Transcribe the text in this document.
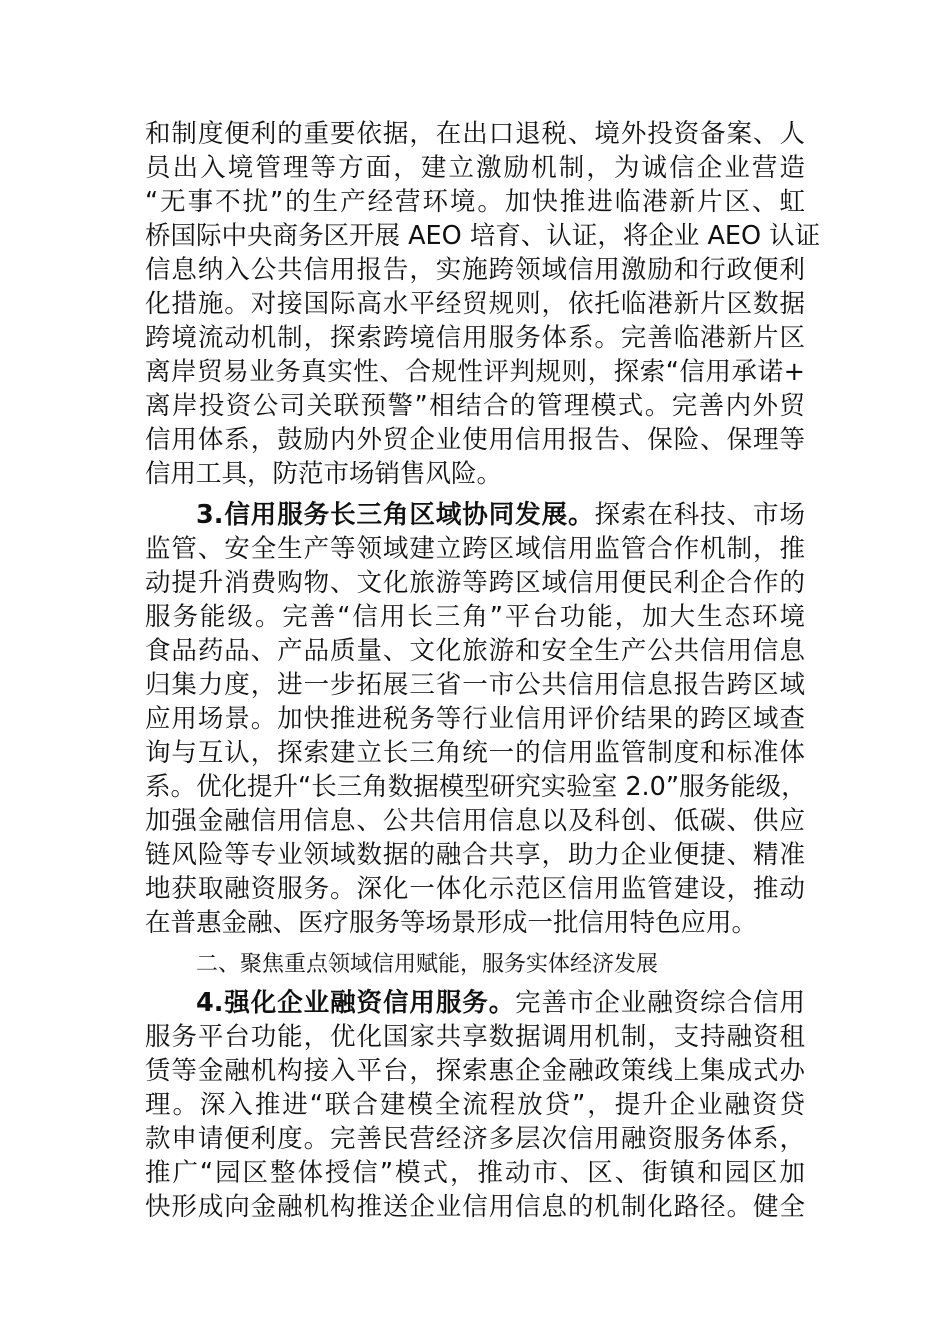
和制度便利的重要依据，在出口退税、境外投资备案、人
员出入境管理等方面，建立激励机制，为诚信企业营造
“无事不扰”的生产经营环境。加快推进临港新片区、虹
桥国际中央商务区开展 AEO 培育、认证，将企业 AEO 认证
信息纳入公共信用报告，实施跨领域信用激励和行政便利
化措施。对接国际高水平经贸规则，依托临港新片区数据
跨境流动机制，探索跨境信用服务体系。完善临港新片区
离岸贸易业务真实性、合规性评判规则，探索“信用承诺+
离岸投资公司关联预警”相结合的管理模式。完善内外贸
信用体系，鼓励内外贸企业使用信用报告、保险、保理等
信用工具，防范市场销售风险。
3.信用服务长三角区域协同发展。探索在科技、市场
监管、安全生产等领域建立跨区域信用监管合作机制，推
动提升消费购物、文化旅游等跨区域信用便民利企合作的
服务能级。完善“信用长三角”平台功能，加大生态环境
食品药品、产品质量、文化旅游和安全生产公共信用信息
归集力度，进一步拓展三省一市公共信用信息报告跨区域
应用场景。加快推进税务等行业信用评价结果的跨区域查
询与互认，探索建立长三角统一的信用监管制度和标准体
系。优化提升“长三角数据模型研究实验室 2.0”服务能级，
加强金融信用信息、公共信用信息以及科创、低碳、供应
链风险等专业领域数据的融合共享，助力企业便捷、精准
地获取融资服务。深化一体化示范区信用监管建设，推动
在普惠金融、医疗服务等场景形成一批信用特色应用。
二、聚焦重点领域信用赋能，服务实体经济发展
4.强化企业融资信用服务。完善市企业融资综合信用
服务平台功能，优化国家共享数据调用机制，支持融资租
赁等金融机构接入平台，探索惠企金融政策线上集成式办
理。深入推进“联合建模全流程放贷”，提升企业融资贷
款申请便利度。完善民营经济多层次信用融资服务体系，
推广“园区整体授信”模式，推动市、区、街镇和园区加
快形成向金融机构推送企业信用信息的机制化路径。健全
